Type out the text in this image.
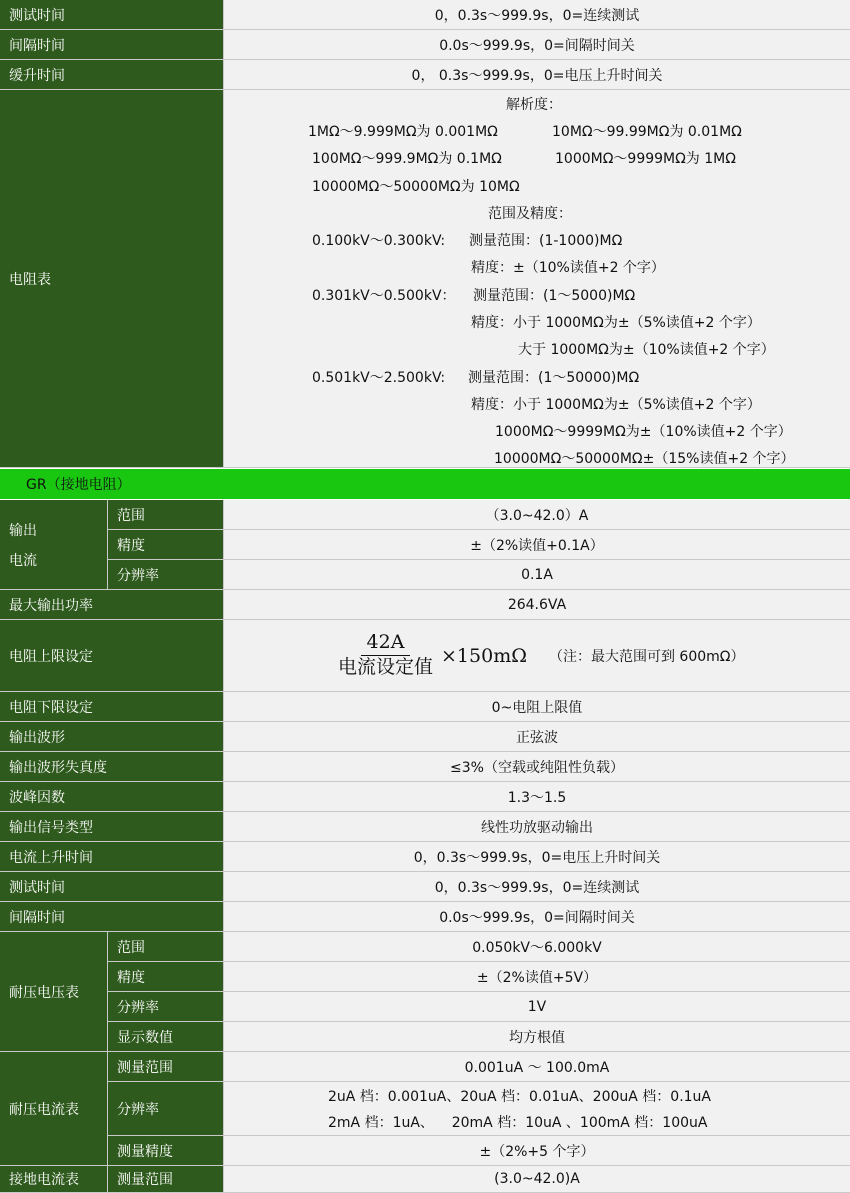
测试时间	0，0.3s～999.9s，0=连续测试
间隔时间	0.0s～999.9s，0=间隔时间关
缓升时间	0， 0.3s～999.9s，0=电压上升时间关
电阻表
解析度：
1MΩ～9.999MΩ为 0.001MΩ	10MΩ～99.99MΩ为 0.01MΩ
100MΩ～999.9MΩ为 0.1MΩ	1000MΩ～9999MΩ为 1MΩ
10000MΩ～50000MΩ为 10MΩ
范围及精度：
0.100kV～0.300kV: 测量范围：(1-1000)MΩ
精度：±（10%读值+2 个字）
0.301kV～0.500kV： 测量范围：(1～5000)MΩ
精度：小于 1000MΩ为±（5%读值+2 个字）
大于 1000MΩ为±（10%读值+2 个字）
0.501kV～2.500kV: 测量范围：(1～50000)MΩ
精度：小于 1000MΩ为±（5%读值+2 个字）
1000MΩ～9999MΩ为±（10%读值+2 个字）
10000MΩ～50000MΩ±（15%读值+2 个字）
GR（接地电阻）
输出
电流
范围	（3.0~42.0）A
精度	±（2%读值+0.1A）
分辨率	0.1A
最大输出功率	264.6VA
电阻上限设定	$\frac{42A}{\text{电流设定值}} \times 150m\Omega$ （注：最大范围可到 600mΩ）
电阻下限设定	0~电阻上限值
输出波形	正弦波
输出波形失真度	≤3%（空载或纯阻性负载）
波峰因数	1.3～1.5
输出信号类型	线性功放驱动输出
电流上升时间	0，0.3s～999.9s，0=电压上升时间关
测试时间	0，0.3s～999.9s，0=连续测试
间隔时间	0.0s～999.9s，0=间隔时间关
耐压电压表
范围	0.050kV～6.000kV
精度	±（2%读值+5V）
分辨率	1V
显示数值	均方根值
耐压电流表
测量范围	0.001uA ～ 100.0mA
分辨率
2uA 档：0.001uA、20uA 档：0.01uA、200uA 档：0.1uA
2mA 档：1uA、    20mA 档：10uA 、100mA 档：100uA
测量精度	±（2%+5 个字）
接地电流表	测量范围	(3.0~42.0)A
